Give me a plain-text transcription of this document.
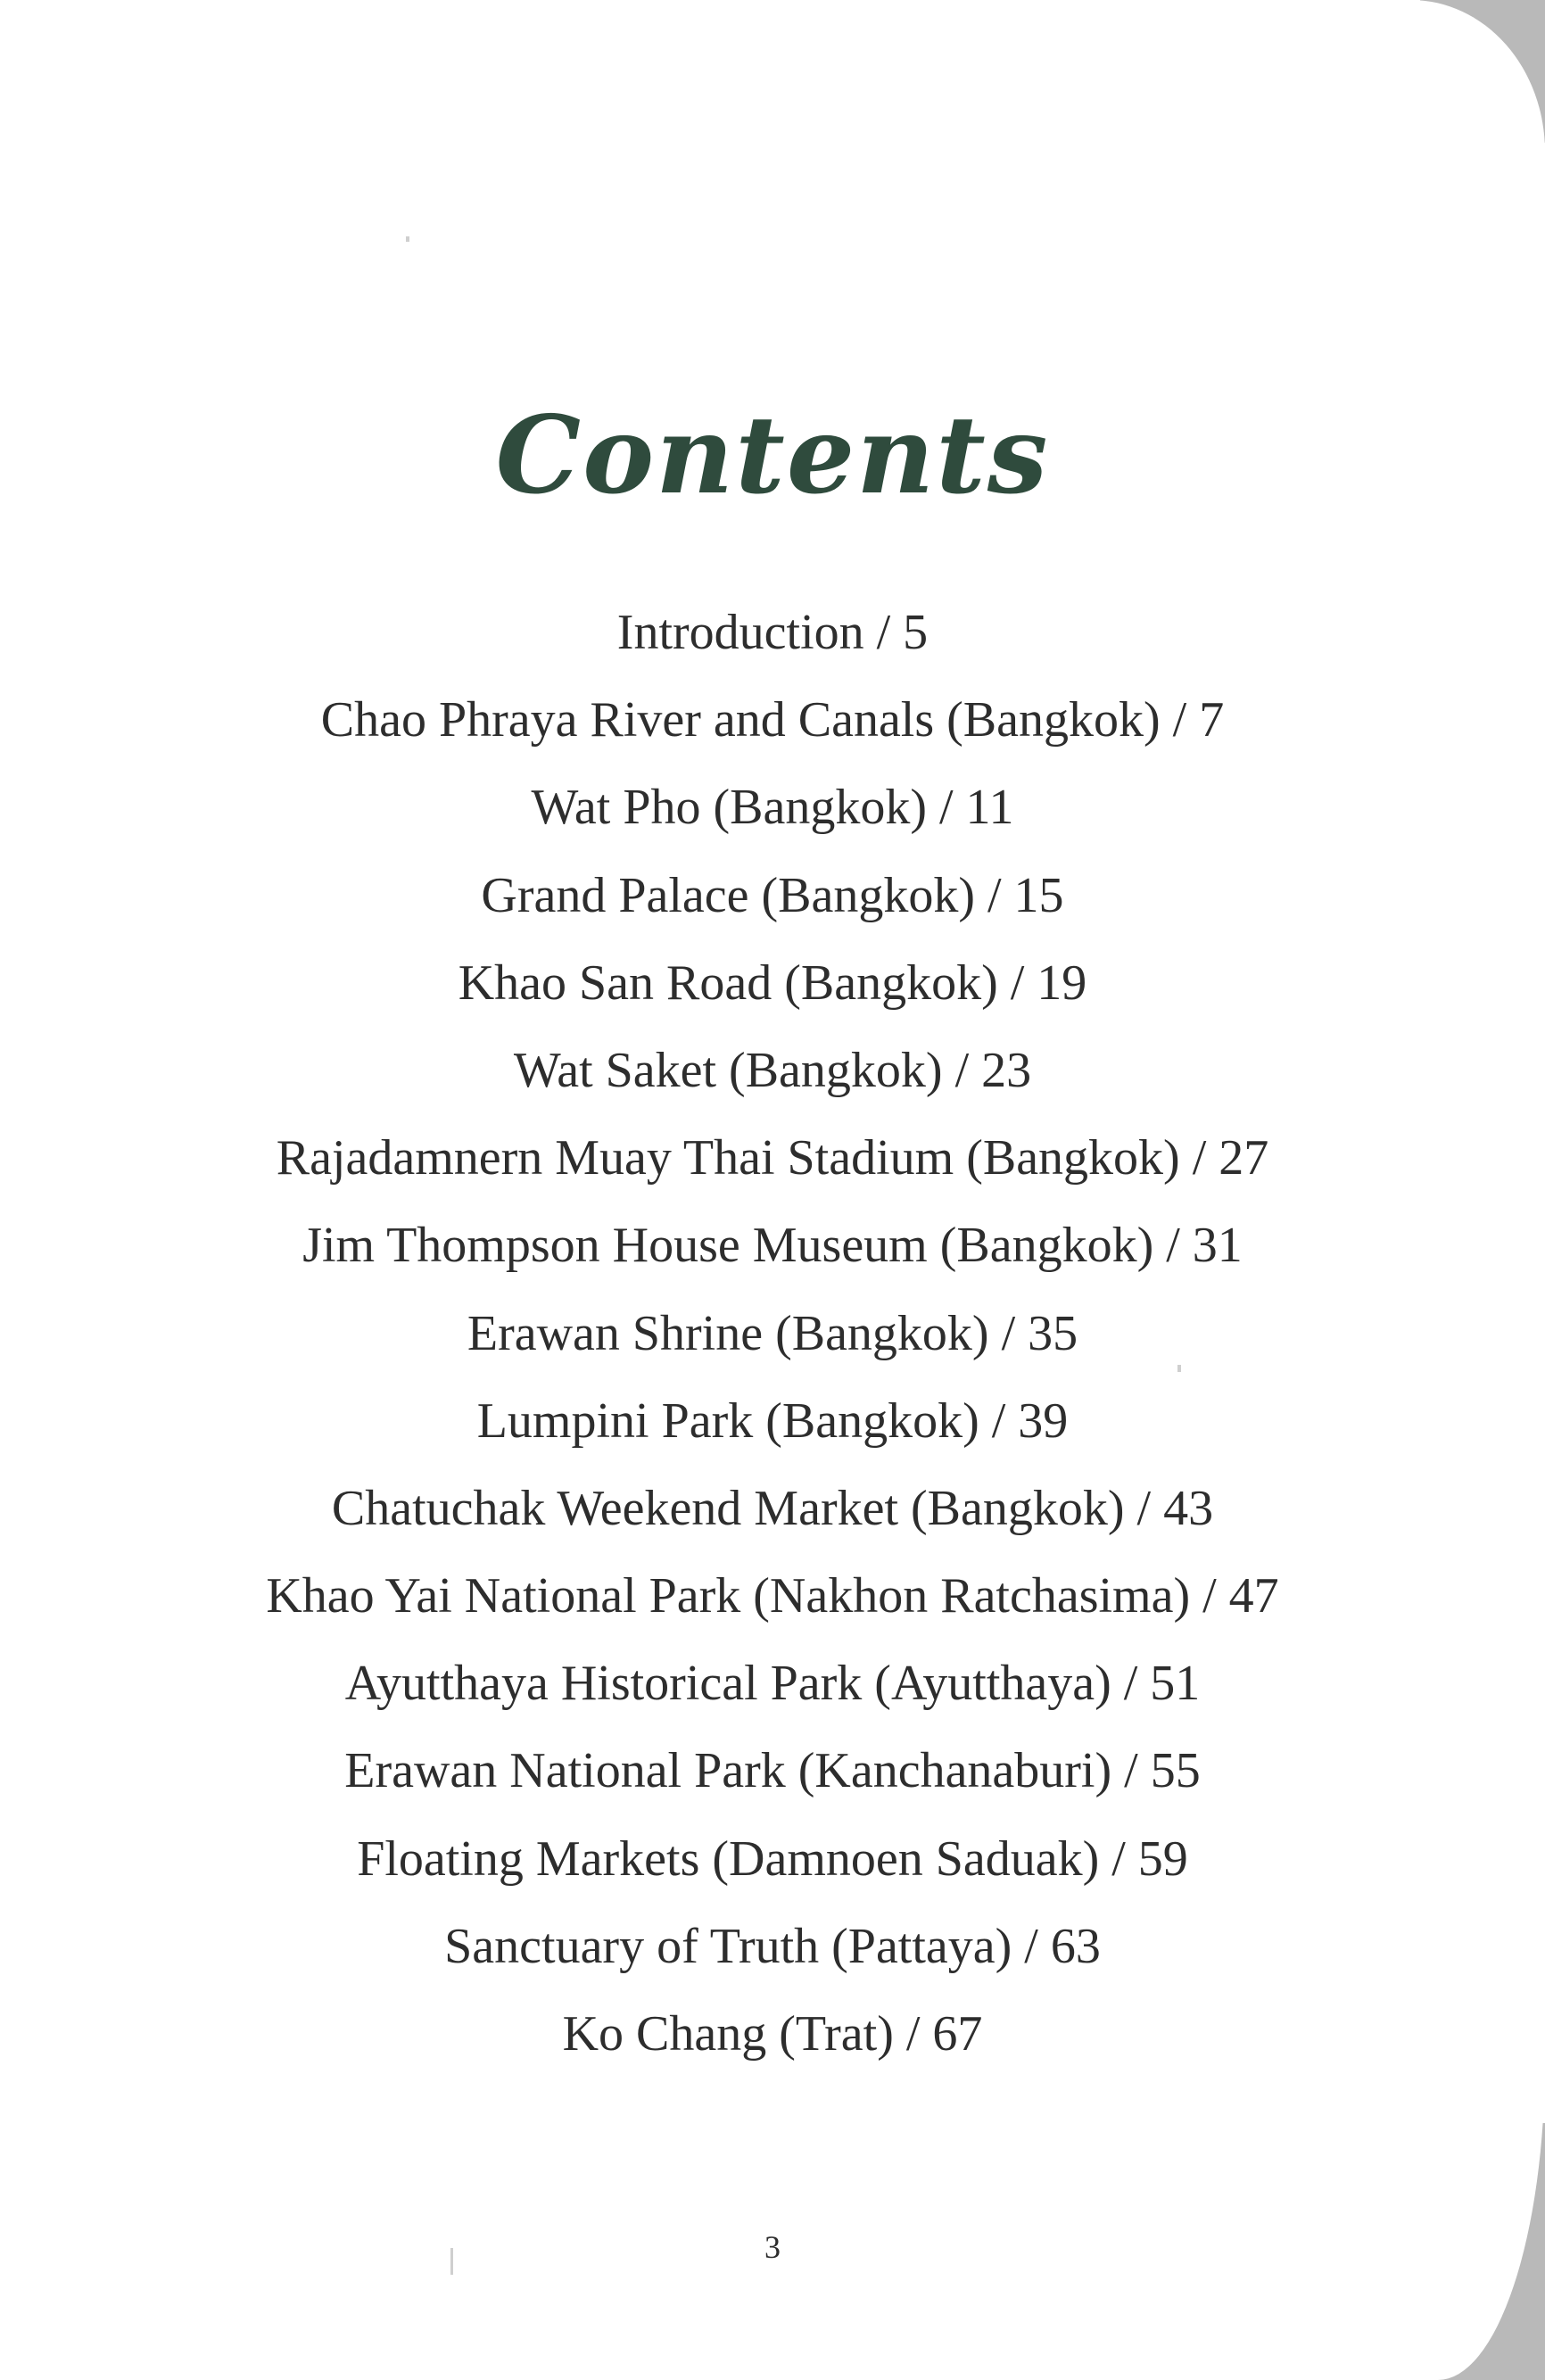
Contents
Introduction / 5
Chao Phraya River and Canals (Bangkok) / 7
Wat Pho (Bangkok) / 11
Grand Palace (Bangkok) / 15
Khao San Road (Bangkok) / 19
Wat Saket (Bangkok) / 23
Rajadamnern Muay Thai Stadium (Bangkok) / 27
Jim Thompson House Museum (Bangkok) / 31
Erawan Shrine (Bangkok) / 35
Lumpini Park (Bangkok) / 39
Chatuchak Weekend Market (Bangkok) / 43
Khao Yai National Park (Nakhon Ratchasima) / 47
Ayutthaya Historical Park (Ayutthaya) / 51
Erawan National Park (Kanchanaburi) / 55
Floating Markets (Damnoen Saduak) / 59
Sanctuary of Truth (Pattaya) / 63
Ko Chang (Trat) / 67
3
